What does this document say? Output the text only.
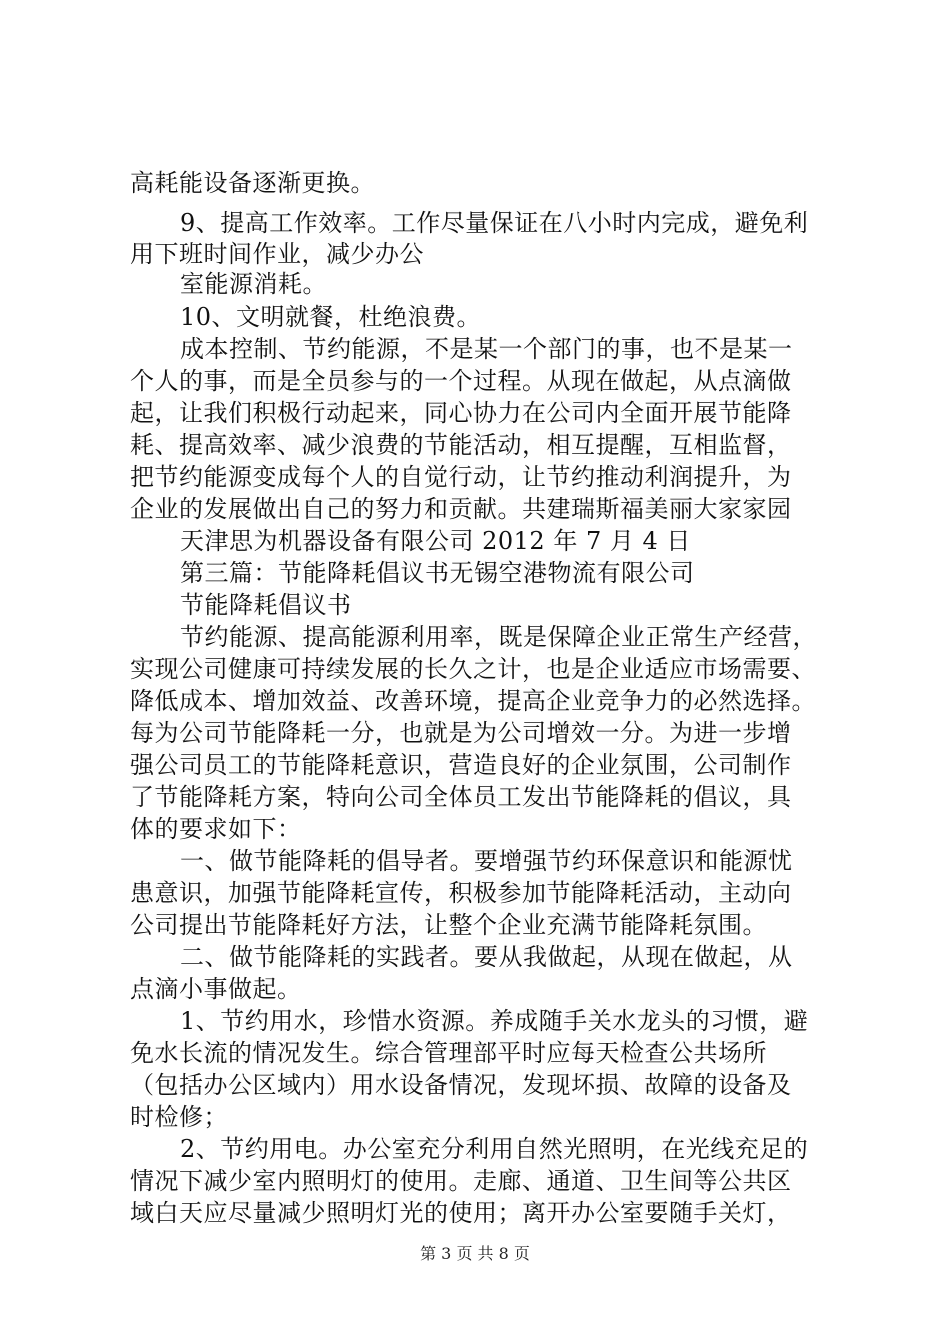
高耗能设备逐渐更换。
9、提高工作效率。工作尽量保证在八小时内完成，避免利
用下班时间作业，减少办公
室能源消耗。
10、文明就餐，杜绝浪费。
成本控制、节约能源，不是某一个部门的事，也不是某一
个人的事，而是全员参与的一个过程。从现在做起，从点滴做
起，让我们积极行动起来，同心协力在公司内全面开展节能降
耗、提高效率、减少浪费的节能活动，相互提醒，互相监督，
把节约能源变成每个人的自觉行动，让节约推动利润提升，为
企业的发展做出自己的努力和贡献。共建瑞斯福美丽大家家园
天津思为机器设备有限公司 2012 年 7 月 4 日
第三篇：节能降耗倡议书无锡空港物流有限公司
节能降耗倡议书
节约能源、提高能源利用率，既是保障企业正常生产经营，
实现公司健康可持续发展的长久之计，也是企业适应市场需要、
降低成本、增加效益、改善环境，提高企业竞争力的必然选择。
每为公司节能降耗一分，也就是为公司增效一分。为进一步增
强公司员工的节能降耗意识，营造良好的企业氛围，公司制作
了节能降耗方案，特向公司全体员工发出节能降耗的倡议，具
体的要求如下：
一、做节能降耗的倡导者。要增强节约环保意识和能源忧
患意识，加强节能降耗宣传，积极参加节能降耗活动，主动向
公司提出节能降耗好方法，让整个企业充满节能降耗氛围。
二、做节能降耗的实践者。要从我做起，从现在做起，从
点滴小事做起。
1、节约用水，珍惜水资源。养成随手关水龙头的习惯，避
免水长流的情况发生。综合管理部平时应每天检查公共场所
（包括办公区域内）用水设备情况，发现坏损、故障的设备及
时检修；
2、节约用电。办公室充分利用自然光照明，在光线充足的
情况下减少室内照明灯的使用。走廊、通道、卫生间等公共区
域白天应尽量减少照明灯光的使用；离开办公室要随手关灯，
第 3 页 共 8 页
